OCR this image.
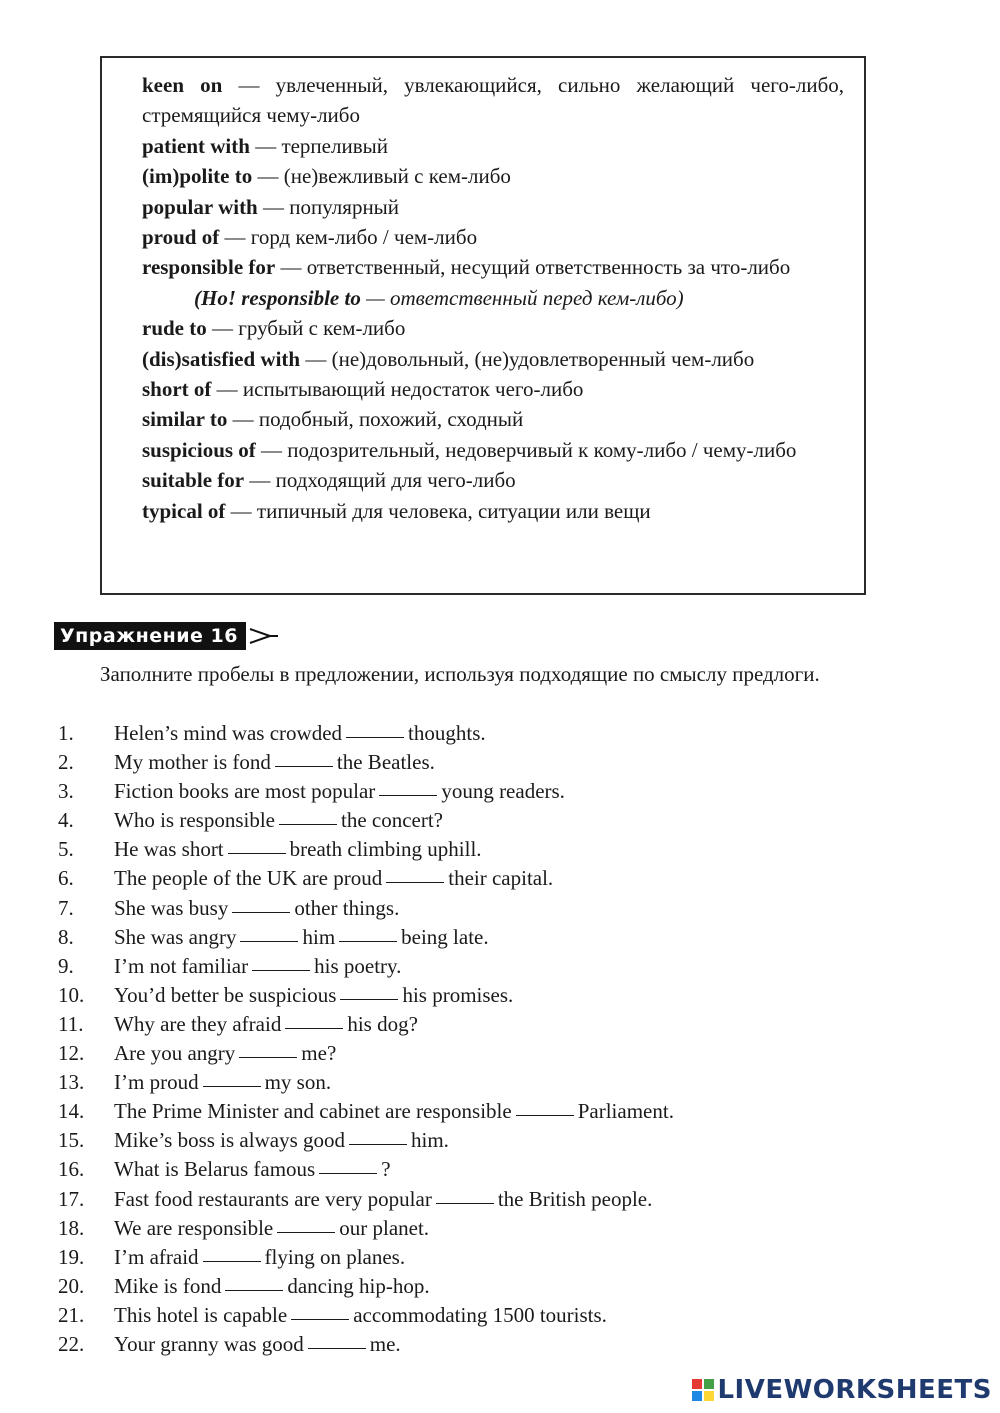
keen on — увлеченный, увлекающийся, сильно желающий чего-либо, стремящийся чему-либо
patient with — терпеливый
(im)polite to — (не)вежливый с кем-либо
popular with — популярный
proud of — горд кем-либо / чем-либо
responsible for — ответственный, несущий ответственность за что-либо
(Но! responsible to — ответственный перед кем-либо)
rude to — грубый с кем-либо
(dis)satisfied with — (не)довольный, (не)удовлетворенный чем-либо
short of — испытывающий недостаток чего-либо
similar to — подобный, похожий, сходный
suspicious of — подозрительный, недоверчивый к кому-либо / чему-либо
suitable for — подходящий для чего-либо
typical of — типичный для человека, ситуации или вещи
Упражнение 16
Заполните пробелы в предложении, используя подходящие по смыслу предлоги.
1.	Helen’s mind was crowded	thoughts.
2.	My mother is fond	the Beatles.
3.	Fiction books are most popular	young readers.
4.	Who is responsible	the concert?
5.	He was short	breath climbing uphill.
6.	The people of the UK are proud	their capital.
7.	She was busy	other things.
8.	She was angry	him	being late.
9.	I’m not familiar	his poetry.
10.	You’d better be suspicious	his promises.
11.	Why are they afraid	his dog?
12.	Are you angry	me?
13.	I’m proud	my son.
14.	The Prime Minister and cabinet are responsible	Parliament.
15.	Mike’s boss is always good	him.
16.	What is Belarus famous	?
17.	Fast food restaurants are very popular	the British people.
18.	We are responsible	our planet.
19.	I’m afraid	flying on planes.
20.	Mike is fond	dancing hip-hop.
21.	This hotel is capable	accommodating 1500 tourists.
22.	Your granny was good	me.
LIVEWORKSHEETS
